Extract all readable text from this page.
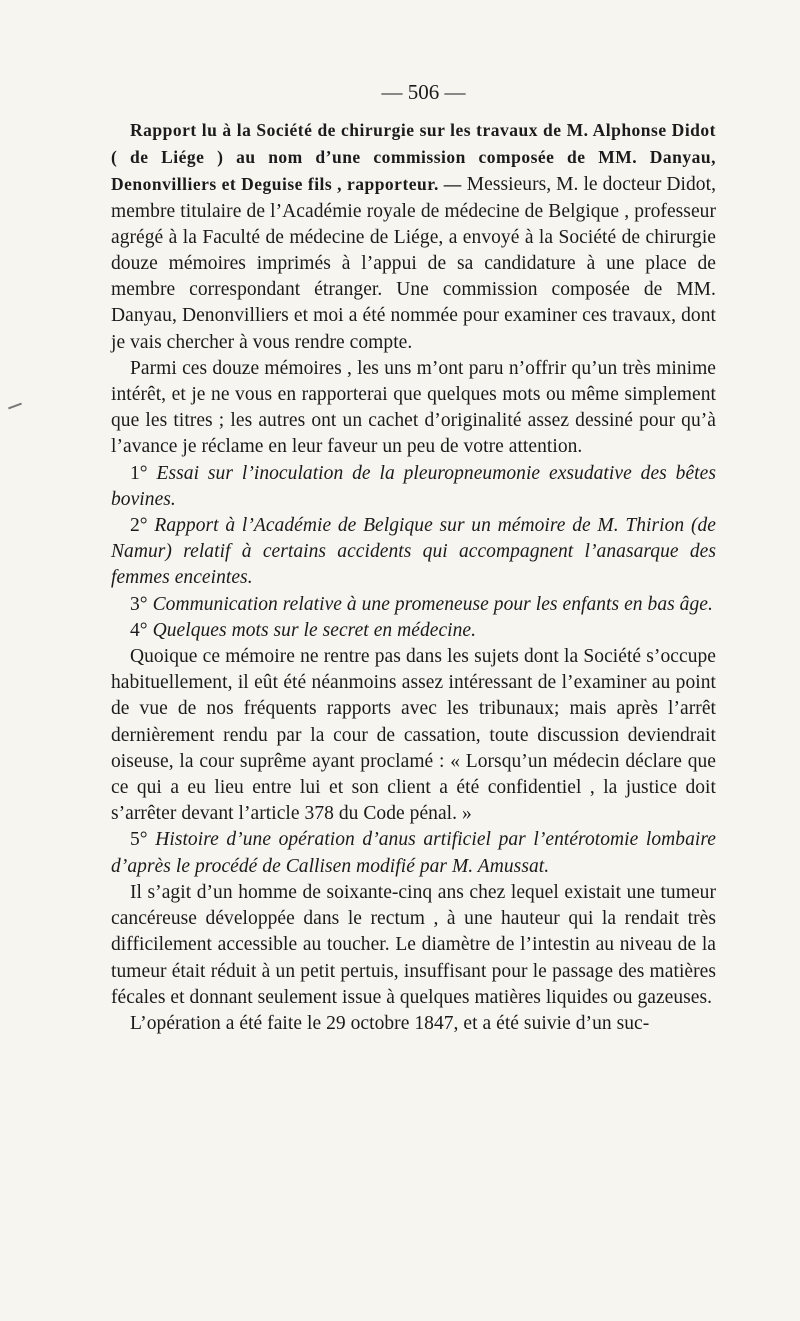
— 506 —

Rapport lu à la Société de chirurgie sur les travaux de M. Alphonse Didot ( de Liége ) au nom d’une commission composée de MM. Danyau, Denonvilliers et Deguise fils , rapporteur. — Messieurs, M. le docteur Didot, membre titulaire de l’Académie royale de médecine de Belgique , professeur agrégé à la Faculté de médecine de Liége, a envoyé à la Société de chirurgie douze mémoires imprimés à l’appui de sa candidature à une place de membre correspondant étranger. Une commission composée de MM. Danyau, Denonvilliers et moi a été nommée pour examiner ces travaux, dont je vais chercher à vous rendre compte.

Parmi ces douze mémoires , les uns m’ont paru n’offrir qu’un très minime intérêt, et je ne vous en rapporterai que quelques mots ou même simplement que les titres ; les autres ont un cachet d’originalité assez dessiné pour qu’à l’avance je réclame en leur faveur un peu de votre attention.

1° Essai sur l’inoculation de la pleuropneumonie exsudative des bêtes bovines.

2° Rapport à l’Académie de Belgique sur un mémoire de M. Thirion (de Namur) relatif à certains accidents qui accompagnent l’anasarque des femmes enceintes.

3° Communication relative à une promeneuse pour les enfants en bas âge.

4° Quelques mots sur le secret en médecine.

Quoique ce mémoire ne rentre pas dans les sujets dont la Société s’occupe habituellement, il eût été néanmoins assez intéressant de l’examiner au point de vue de nos fréquents rapports avec les tribunaux; mais après l’arrêt dernièrement rendu par la cour de cassation, toute discussion deviendrait oiseuse, la cour suprême ayant proclamé : « Lorsqu’un médecin déclare que ce qui a eu lieu entre lui et son client a été confidentiel , la justice doit s’arrêter devant l’article 378 du Code pénal. »

5° Histoire d’une opération d’anus artificiel par l’entérotomie lombaire d’après le procédé de Callisen modifié par M. Amussat.

Il s’agit d’un homme de soixante-cinq ans chez lequel existait une tumeur cancéreuse développée dans le rectum , à une hauteur qui la rendait très difficilement accessible au toucher. Le diamètre de l’intestin au niveau de la tumeur était réduit à un petit pertuis, insuffisant pour le passage des matières fécales et donnant seulement issue à quelques matières liquides ou gazeuses.

L’opération a été faite le 29 octobre 1847, et a été suivie d’un suc-
